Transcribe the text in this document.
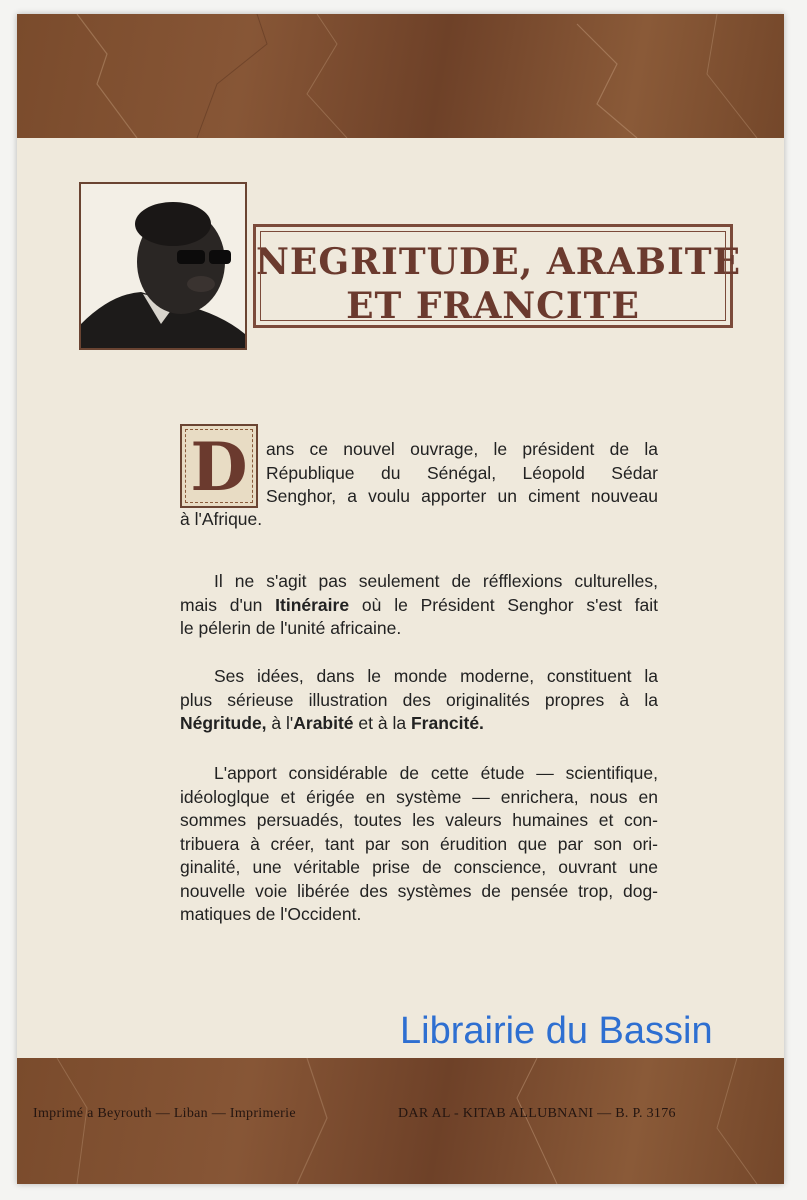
NEGRITUDE, ARABITE
ET FRANCITE
D	ans ce nouvel ouvrage, le président de la
République du Sénégal, Léopold Sédar
Senghor, a voulu apporter un ciment nouveau
à l'Afrique.
Il ne s'agit pas seulement de réfflexions culturelles,
mais d'un Itinéraire où le Président Senghor s'est fait
le pélerin de l'unité africaine.
Ses idées, dans le monde moderne, constituent la
plus sérieuse illustration des originalités propres à la
Négritude, à l'Arabité et à la Francité.
L'apport considérable de cette étude — scientifique,
idéologlque et érigée en système — enrichera, nous en
sommes persuadés, toutes les valeurs humaines et con-
tribuera à créer, tant par son érudition que par son ori-
ginalité, une véritable prise de conscience, ouvrant une
nouvelle voie libérée des systèmes de pensée trop, dog-
matiques de l'Occident.
Librairie du Bassin
Imprimé a Beyrouth — Liban — Imprimerie	DAR AL - KITAB ALLUBNANI — B. P. 3176
